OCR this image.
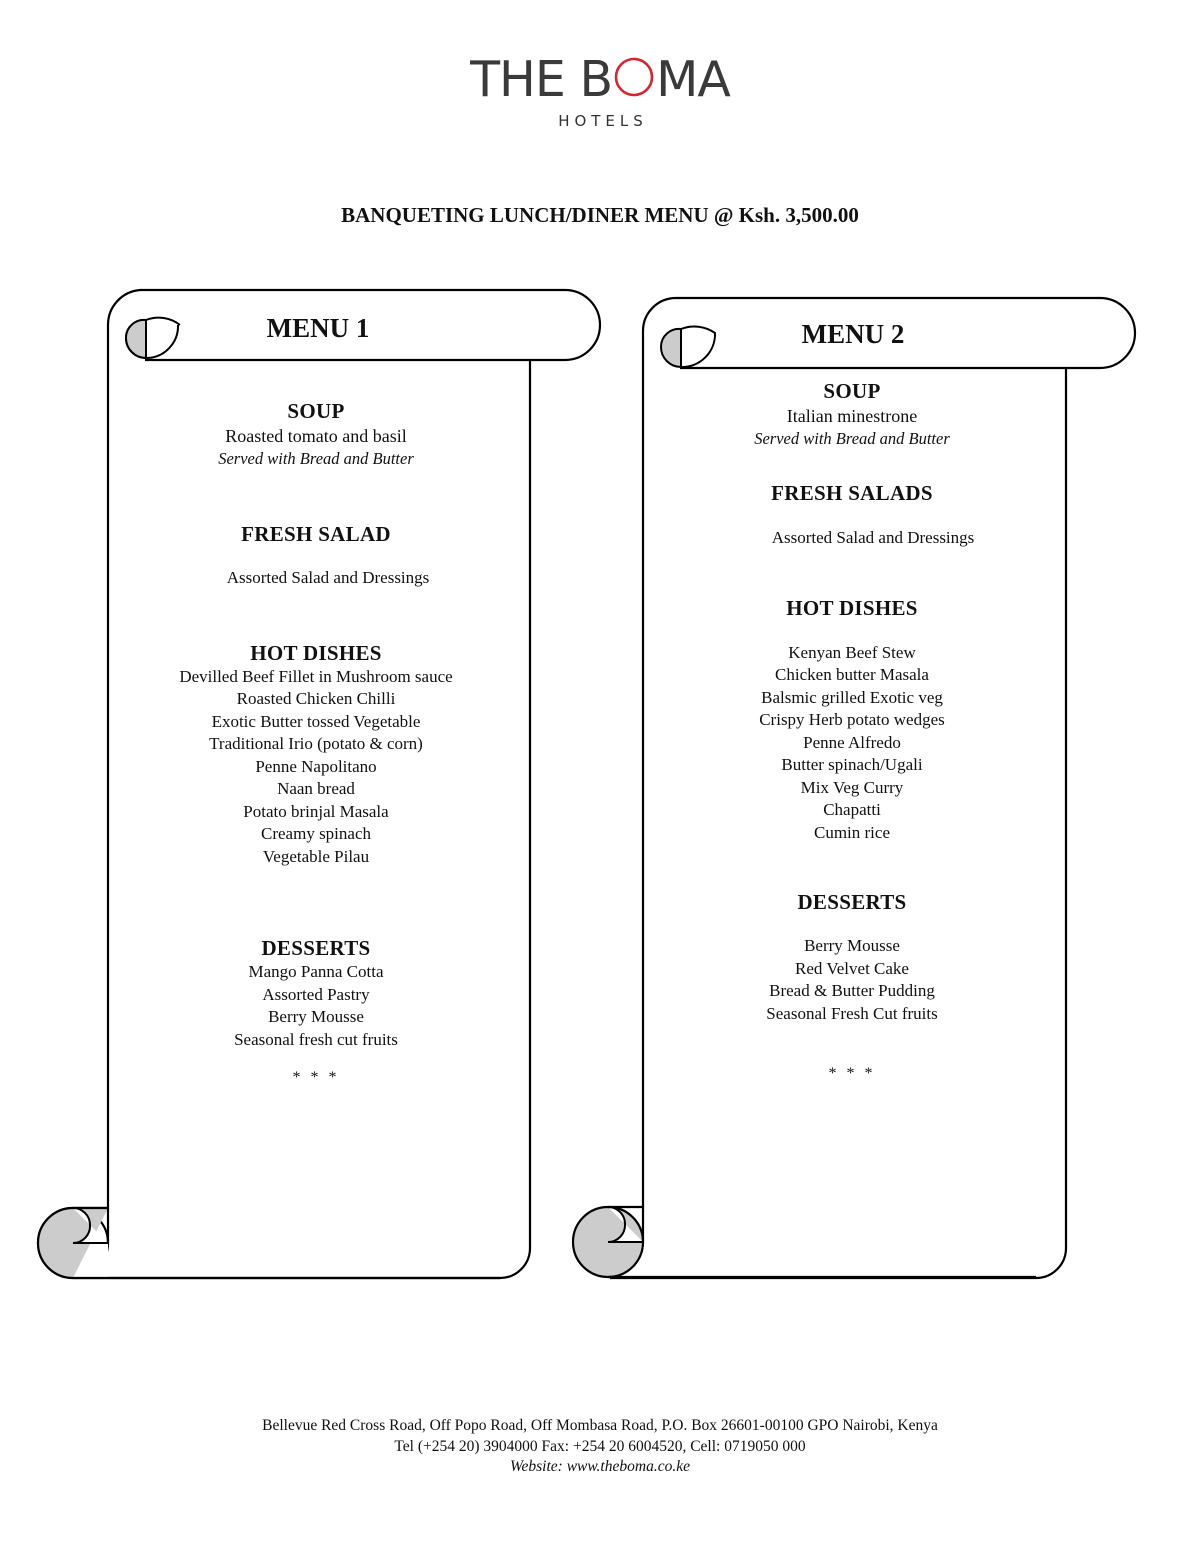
THE B MA
HOTELS
BANQUETING LUNCH/DINER MENU @ Ksh. 3,500.00
MENU 1	MENU 2
SOUP
Roasted tomato and basil
Served with Bread and Butter
FRESH SALAD
Assorted Salad and Dressings
HOT DISHES
Devilled Beef Fillet in Mushroom sauce
Roasted Chicken Chilli
Exotic Butter tossed Vegetable
Traditional Irio (potato & corn)
Penne Napolitano
Naan bread
Potato brinjal Masala
Creamy spinach
Vegetable Pilau
DESSERTS
Mango Panna Cotta
Assorted Pastry
Berry Mousse
Seasonal fresh cut fruits
* * *
SOUP
Italian minestrone
Served with Bread and Butter
FRESH SALADS
Assorted Salad and Dressings
HOT DISHES
Kenyan Beef Stew
Chicken butter Masala
Balsmic grilled Exotic veg
Crispy Herb potato wedges
Penne Alfredo
Butter spinach/Ugali
Mix Veg Curry
Chapatti
Cumin rice
DESSERTS
Berry Mousse
Red Velvet Cake
Bread & Butter Pudding
Seasonal Fresh Cut fruits
* * *
Bellevue Red Cross Road, Off Popo Road, Off Mombasa Road, P.O. Box 26601-00100 GPO Nairobi, Kenya
Tel (+254 20) 3904000 Fax: +254 20 6004520, Cell: 0719050 000
Website: www.theboma.co.ke
